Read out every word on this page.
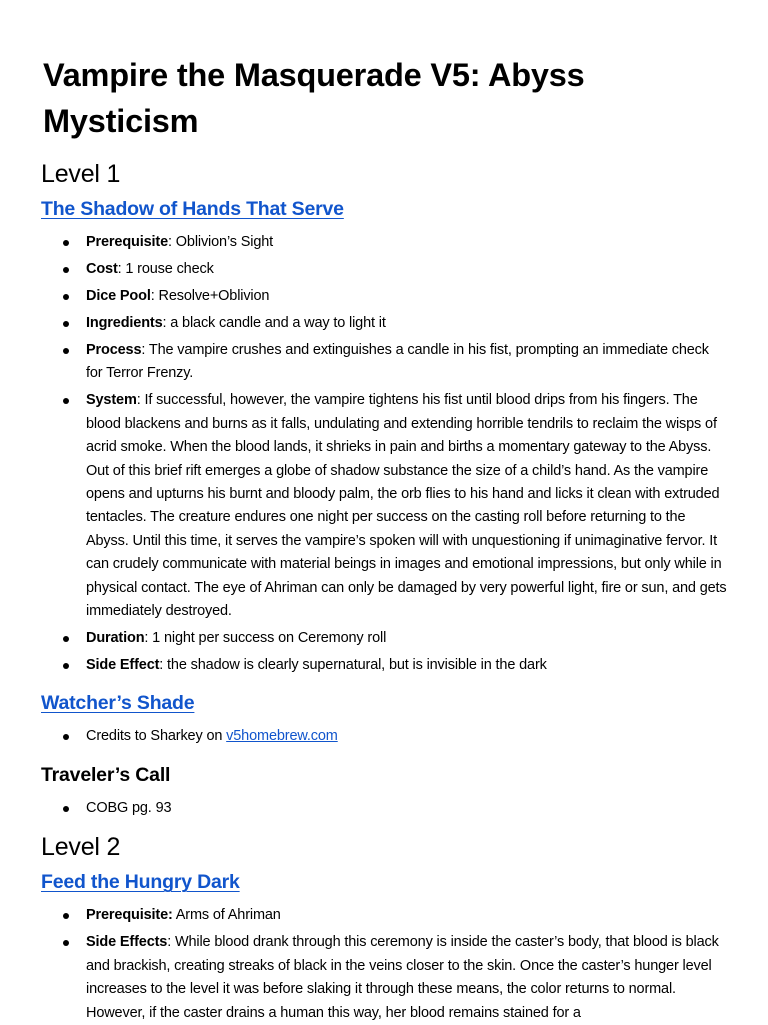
Vampire the Masquerade V5: Abyss Mysticism
Level 1
The Shadow of Hands That Serve
Prerequisite: Oblivion’s Sight
Cost: 1 rouse check
Dice Pool: Resolve+Oblivion
Ingredients: a black candle and a way to light it
Process: The vampire crushes and extinguishes a candle in his fist, prompting an immediate check for Terror Frenzy.
System: If successful, however, the vampire tightens his fist until blood drips from his fingers. The blood blackens and burns as it falls, undulating and extending horrible tendrils to reclaim the wisps of acrid smoke. When the blood lands, it shrieks in pain and births a momentary gateway to the Abyss. Out of this brief rift emerges a globe of shadow substance the size of a child’s hand. As the vampire opens and upturns his burnt and bloody palm, the orb flies to his hand and licks it clean with extruded tentacles. The creature endures one night per success on the casting roll before returning to the Abyss. Until this time, it serves the vampire’s spoken will with unquestioning if unimaginative fervor. It can crudely communicate with material beings in images and emotional impressions, but only while in physical contact. The eye of Ahriman can only be damaged by very powerful light, fire or sun, and gets immediately destroyed.
Duration: 1 night per success on Ceremony roll
Side Effect: the shadow is clearly supernatural, but is invisible in the dark
Watcher’s Shade
Credits to Sharkey on v5homebrew.com
Traveler’s Call
COBG pg. 93
Level 2
Feed the Hungry Dark
Prerequisite: Arms of Ahriman
Side Effects: While blood drank through this ceremony is inside the caster’s body, that blood is black and brackish, creating streaks of black in the veins closer to the skin. Once the caster’s hunger level increases to the level it was before slaking it through these means, the color returns to normal. However, if the caster drains a human this way, her blood remains stained for a
